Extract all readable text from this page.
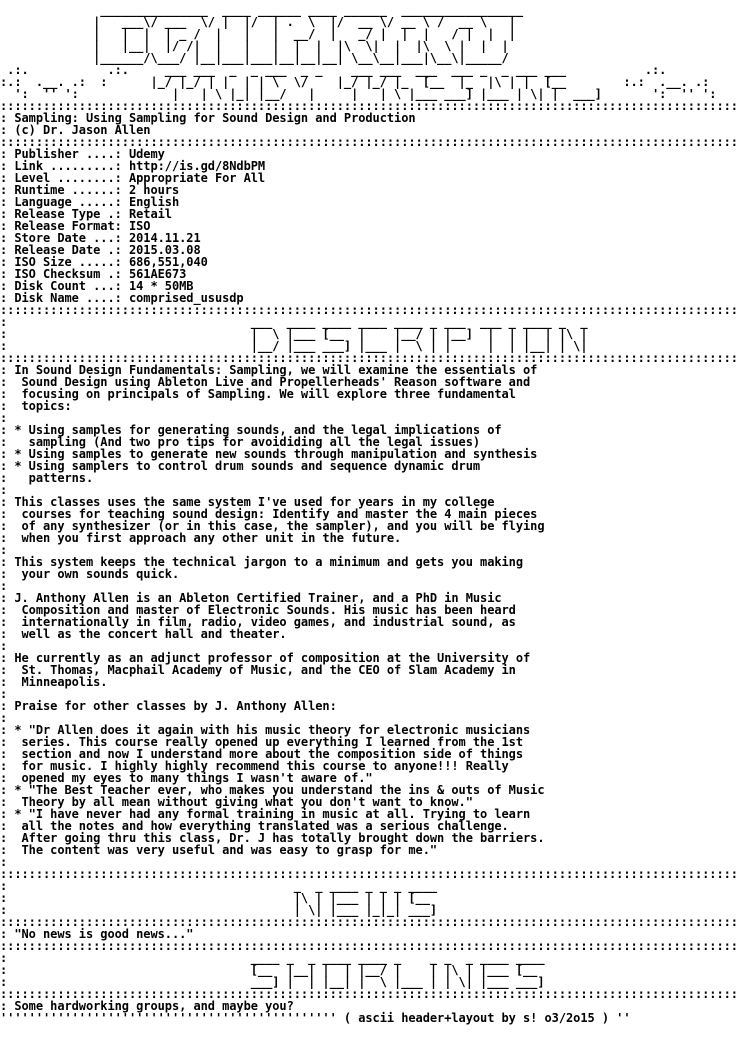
_______________  ____ ______ ____ ______  _________________
|   ___\/ ___  \/ |  |/  | .  \  |/  __ \/ __ \ /  __ \   |
|   |  |  | _ /  |   |   |  __/  |   _/ |  |  |   / |  |  |
|   |__|  |/ /|  |   |   |  |  |  |\  \|  |  |\  \ |  |  |
|______/\___/ |__|___|___|__|__|__| \__\__|___|\__\|_____/
.:.           .:.     ___ ___  _  _ ___  _ _    ___ ___  ___  ___ _  _ ___ ___           .:.
:.:  .__. .:  :      |_/ |_/ | |  | | \  \/    |_/ |_/ |_  [__  |_  |\ | |  [__        :.:  .__. .:
':  '' ':             |   | \ |_| |__/   |     |   | \ |___ ___] |___ | \| |  ___]       ':  '' ':
:::::::::::::::::::::::::::::::::::::::::::::::::::::::::::::::::::::::::::::::::::::::::::::::::::::::
: Sampling: Using Sampling for Sound Design and Production
: (c) Dr. Jason Allen
:::::::::::::::::::::::::::::::::::::::::::::::::::::::::::::::::::::::::::::::::::::::::::::::::::::::
: Publisher ....: Udemy
: Link .........: http://is.gd/8NdbPM
: Level ........: Appropriate For All
: Runtime ......: 2 hours
: Language .....: English
: Release Type .: Retail
: Release Format: ISO
: Store Date ...: 2014.11.21
: Release Date .: 2015.03.08
: ISO Size .....: 686,551,040
: ISO Checksum .: 561AE673
: Disk Count ...: 14 * 50MB
: Disk Name ....: comprised_ususdp
:::::::::::::::::::::::::::::::::::::::::::::::::::::::::::::::::::::::::::::::::::::::::::::::::::::::
:                                  ___  ____ ____ ____ ____ _ ___  ___ _ ____ _  _
:                                  |  \ |___ [__  |    |__/ | |__]  |  | |  | |\ |
:                                  |__/ |___ ___] |___ |  \ | |     |  | |__| | \|
:::::::::::::::::::::::::::::::::::::::::::::::::::::::::::::::::::::::::::::::::::::::::::::::::::::::
: In Sound Design Fundamentals: Sampling, we will examine the essentials of
:  Sound Design using Ableton Live and Propellerheads' Reason software and
:  focusing on principals of Sampling. We will explore three fundamental
:  topics:
:
: * Using samples for generating sounds, and the legal implications of
:   sampling (And two pro tips for avoididing all the legal issues)
: * Using samples to generate new sounds through manipulation and synthesis
: * Using samplers to control drum sounds and sequence dynamic drum
:   patterns.
:
: This classes uses the same system I've used for years in my college
:  courses for teaching sound design: Identify and master the 4 main pieces
:  of any synthesizer (or in this case, the sampler), and you will be flying
:  when you first approach any other unit in the future.
:
: This system keeps the technical jargon to a minimum and gets you making
:  your own sounds quick.
:
: J. Anthony Allen is an Ableton Certified Trainer, and a PhD in Music
:  Composition and master of Electronic Sounds. His music has been heard
:  internationally in film, radio, video games, and industrial sound, as
:  well as the concert hall and theater.
:
: He currently as an adjunct professor of composition at the University of
:  St. Thomas, Macphail Academy of Music, and the CEO of Slam Academy in
:  Minneapolis.
:
: Praise for other classes by J. Anthony Allen:
:
: * "Dr Allen does it again with his music theory for electronic musicians
:  series. This course really opened up everything I learned from the 1st
:  section and now I understand more about the composition side of things
:  for music. I highly highly recommend this course to anyone!!! Really
:  opened my eyes to many things I wasn't aware of."
: * "The Best Teacher ever, who makes you understand the ins & outs of Music
:  Theory by all mean without giving what you don't want to know."
: * "I have never had any formal training in music at all. Trying to learn
:  all the notes and how everything translated was a serious challenge.
:  After going thru this class, Dr. J has totally brought down the barriers.
:  The content was very useful and was easy to grasp for me."
:
:::::::::::::::::::::::::::::::::::::::::::::::::::::::::::::::::::::::::::::::::::::::::::::::::::::::
:                                        _  _ ____ _ _ _ ____
:                                        |\ | |___ | | | [__
:                                        | \| |___ |_|_| ___]
:::::::::::::::::::::::::::::::::::::::::::::::::::::::::::::::::::::::::::::::::::::::::::::::::::::::
: "No news is good news..."
:::::::::::::::::::::::::::::::::::::::::::::::::::::::::::::::::::::::::::::::::::::::::::::::::::::::
:                                  ____ _  _ ____ ____ _    _ _  _ ____ ____
:                                  [__  |__| |  | |__/ |    | |\ | |___ [__
:                                  ___] |  | |__| |  \ |___ | | \| |___ ___]
:::::::::::::::::::::::::::::::::::::::::::::::::::::::::::::::::::::::::::::::::::::::::::::::::::::::
: Some hardworking groups, and maybe you?
''''''''''''''''''''''''''''''''''''''''''''''' ( ascii header+layout by s! o3/2o15 ) ''
